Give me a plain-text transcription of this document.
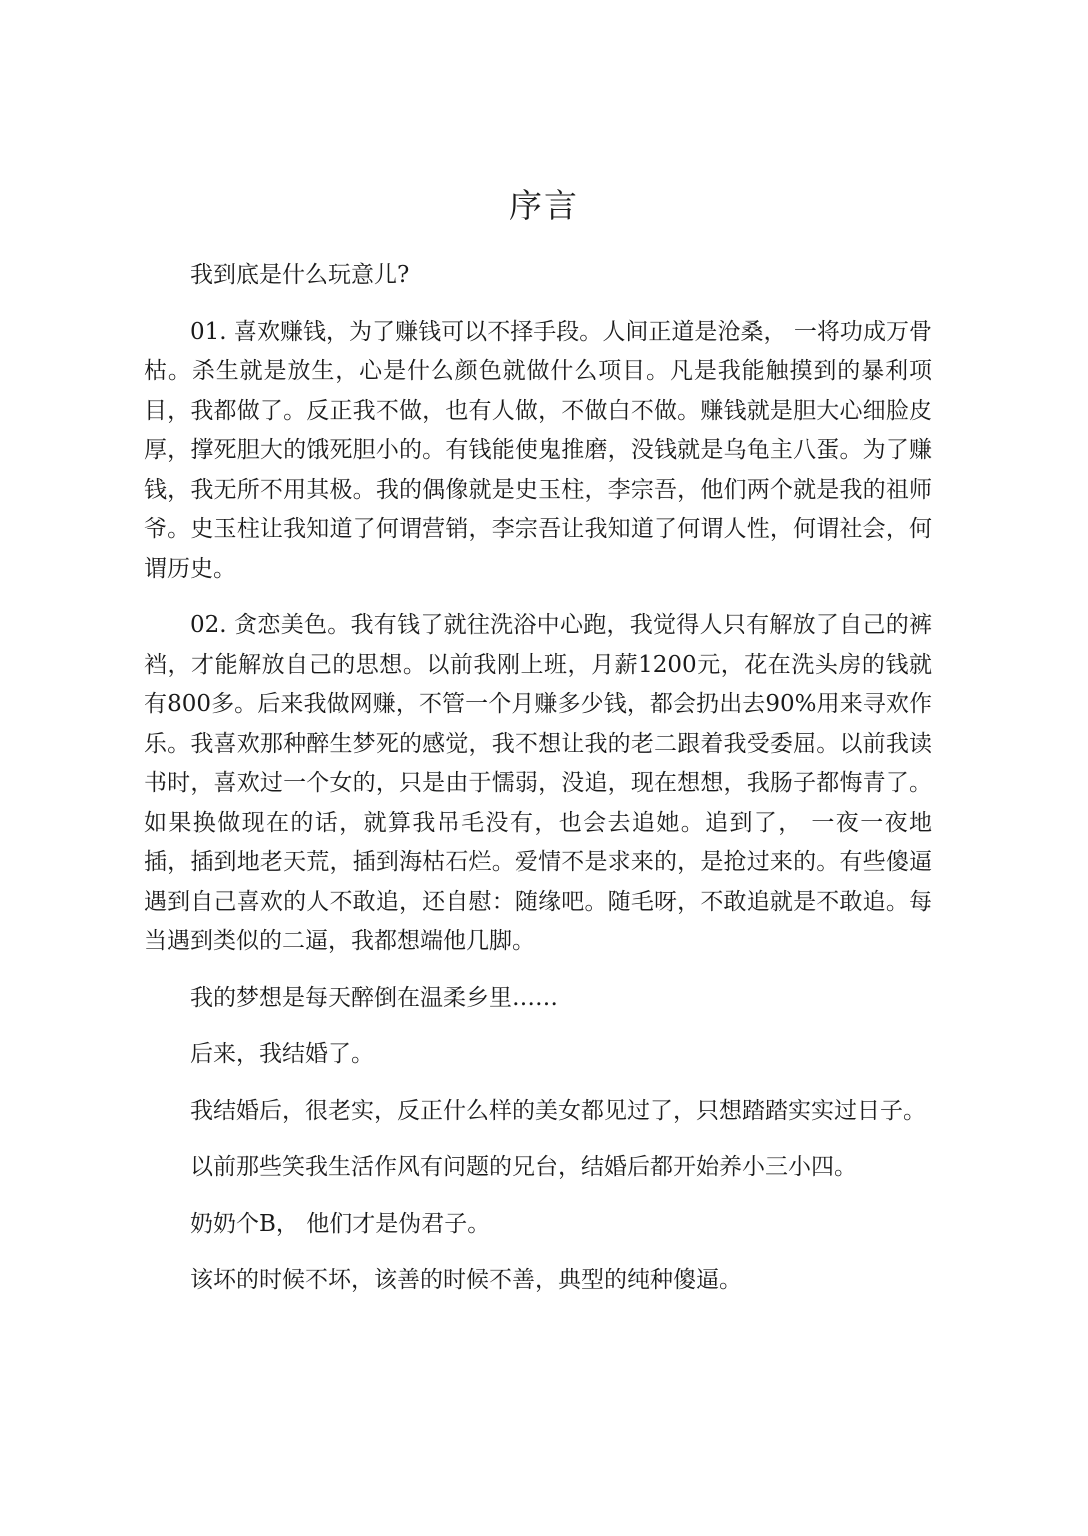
序言

我到底是什么玩意儿?

01. 喜欢赚钱，为了赚钱可以不择手段。人间正道是沧桑， 一将功成万骨枯。杀生就是放生，心是什么颜色就做什么项目。凡是我能触摸到的暴利项目，我都做了。反正我不做，也有人做，不做白不做。赚钱就是胆大心细脸皮厚，撑死胆大的饿死胆小的。有钱能使鬼推磨，没钱就是乌龟主八蛋。为了赚钱，我无所不用其极。我的偶像就是史玉柱，李宗吾，他们两个就是我的祖师爷。史玉柱让我知道了何谓营销，李宗吾让我知道了何谓人性，何谓社会，何谓历史。

02. 贪恋美色。我有钱了就往洗浴中心跑，我觉得人只有解放了自己的裤裆，才能解放自己的思想。以前我刚上班，月薪1200元，花在洗头房的钱就有800多。后来我做网赚，不管一个月赚多少钱，都会扔出去90%用来寻欢作乐。我喜欢那种醉生梦死的感觉，我不想让我的老二跟着我受委屈。以前我读书时，喜欢过一个女的，只是由于懦弱，没追，现在想想，我肠子都悔青了。如果换做现在的话，就算我吊毛没有，也会去追她。追到了， 一夜一夜地插，插到地老天荒，插到海枯石烂。爱情不是求来的，是抢过来的。有些傻逼遇到自己喜欢的人不敢追，还自慰：随缘吧。随毛呀，不敢追就是不敢追。每当遇到类似的二逼，我都想端他几脚。

我的梦想是每天醉倒在温柔乡里……

后来，我结婚了。

我结婚后，很老实，反正什么样的美女都见过了，只想踏踏实实过日子。

以前那些笑我生活作风有问题的兄台，结婚后都开始养小三小四。

奶奶个B， 他们才是伪君子。

该坏的时候不坏，该善的时候不善，典型的纯种傻逼。
